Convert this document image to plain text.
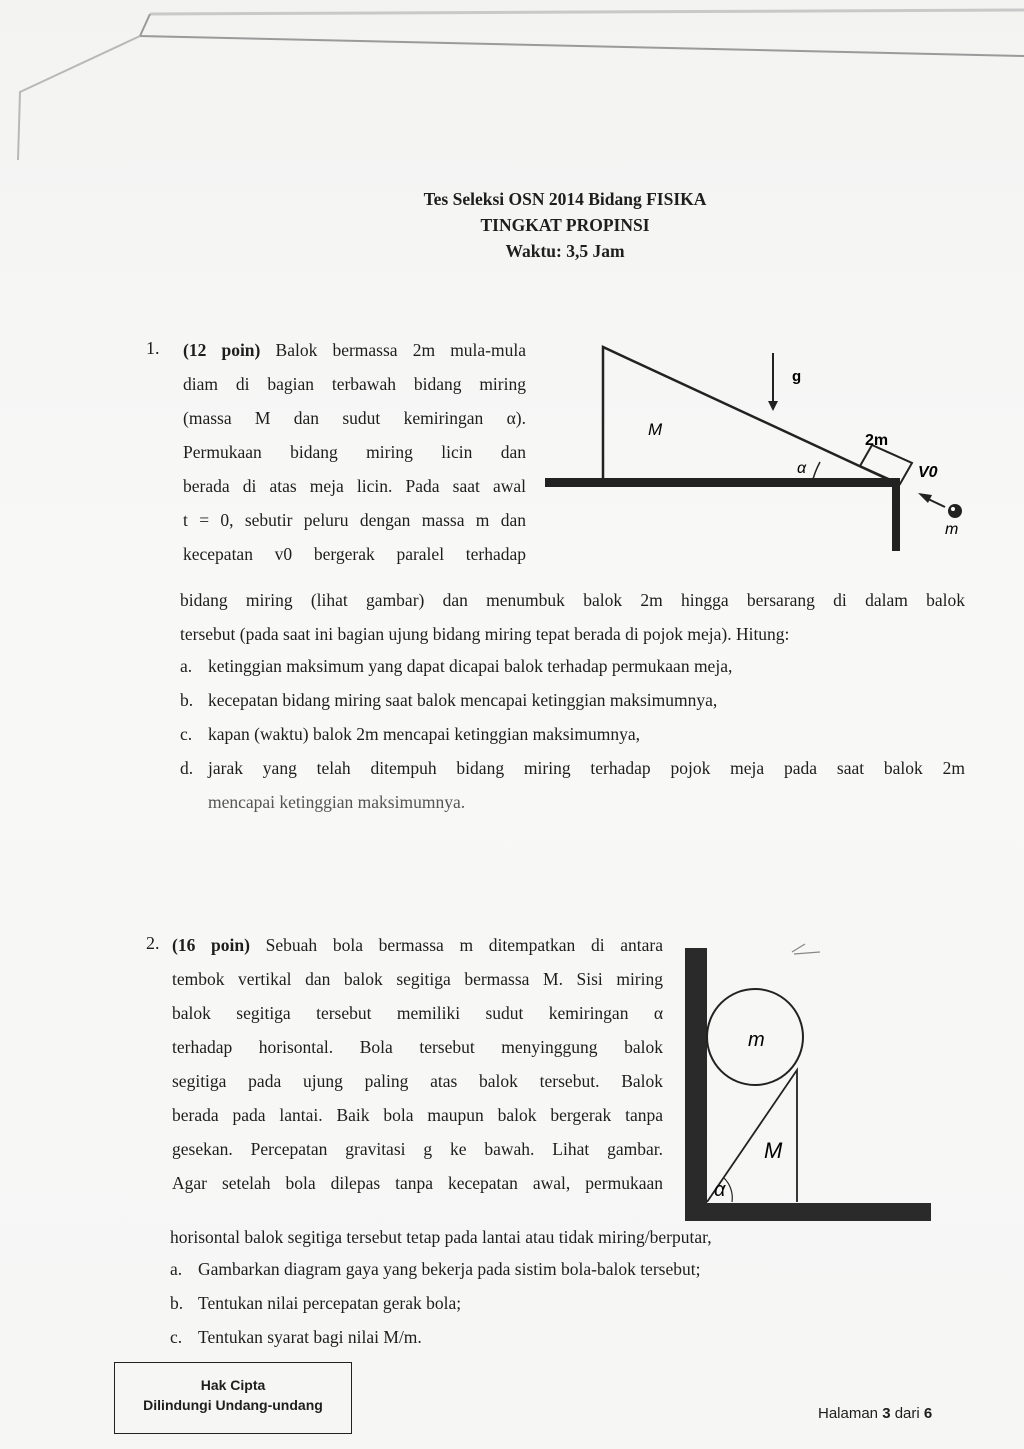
Tes Seleksi OSN 2014 Bidang FISIKA
TINGKAT PROPINSI
Waktu: 3,5 Jam
1. (12 poin) Balok bermassa 2m mula-mula
diam di bagian terbawah bidang miring
(massa M dan sudut kemiringan α).
Permukaan bidang miring licin dan
berada di atas meja licin. Pada saat awal
t = 0, sebutir peluru dengan massa m dan
kecepatan v0 bergerak paralel terhadap
bidang miring (lihat gambar) dan menumbuk balok 2m hingga bersarang di dalam balok
tersebut (pada saat ini bagian ujung bidang miring tepat berada di pojok meja). Hitung:
a. ketinggian maksimum yang dapat dicapai balok terhadap permukaan meja,
b. kecepatan bidang miring saat balok mencapai ketinggian maksimumnya,
c. kapan (waktu) balok 2m mencapai ketinggian maksimumnya,
d. jarak yang telah ditempuh bidang miring terhadap pojok meja pada saat balok 2m
mencapai ketinggian maksimumnya.
g
M
2m
α	V0
m
2. (16 poin) Sebuah bola bermassa m ditempatkan di antara
tembok vertikal dan balok segitiga bermassa M. Sisi miring
balok segitiga tersebut memiliki sudut kemiringan α
terhadap horisontal. Bola tersebut menyinggung balok
segitiga pada ujung paling atas balok tersebut. Balok
berada pada lantai. Baik bola maupun balok bergerak tanpa
gesekan. Percepatan gravitasi g ke bawah. Lihat gambar.
Agar setelah bola dilepas tanpa kecepatan awal, permukaan
horisontal balok segitiga tersebut tetap pada lantai atau tidak miring/berputar,
a. Gambarkan diagram gaya yang bekerja pada sistim bola-balok tersebut;
b. Tentukan nilai percepatan gerak bola;
c. Tentukan syarat bagi nilai M/m.
m
M
α
Hak Cipta
Dilindungi Undang-undang	Halaman 3 dari 6
